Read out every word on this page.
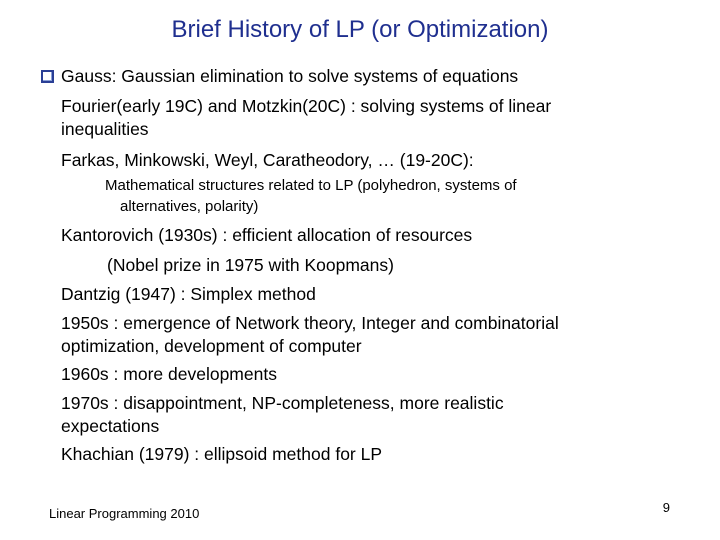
Brief History of LP (or Optimization)
Gauss: Gaussian elimination to solve systems of equations
Fourier(early 19C) and Motzkin(20C) : solving systems of linear
inequalities
Farkas, Minkowski, Weyl, Caratheodory, … (19-20C):
Mathematical structures related to LP (polyhedron, systems of
alternatives, polarity)
Kantorovich (1930s) : efficient allocation of resources
(Nobel prize in 1975 with Koopmans)
Dantzig (1947) : Simplex method
1950s : emergence of Network theory, Integer and combinatorial
optimization, development of computer
1960s : more developments
1970s : disappointment, NP-completeness, more realistic
expectations
Khachian (1979) : ellipsoid method for LP
Linear Programming 2010	9
